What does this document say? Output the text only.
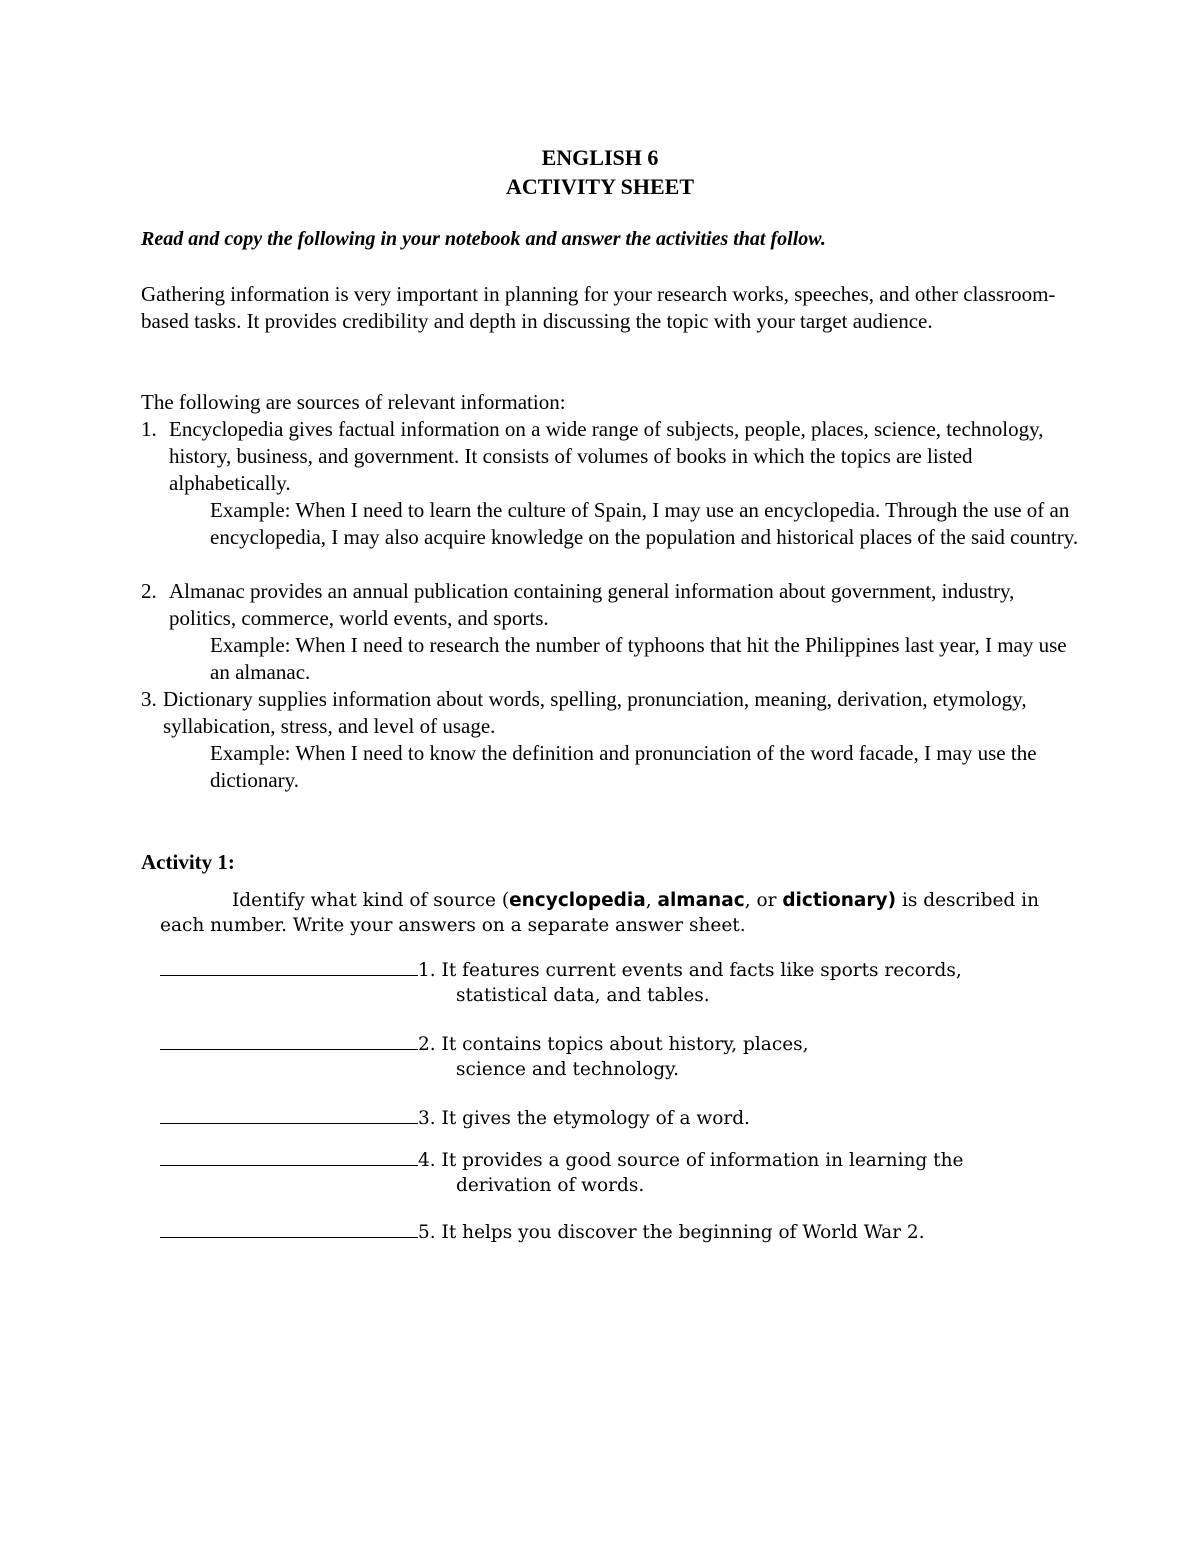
ENGLISH 6
ACTIVITY SHEET
Read and copy the following in your notebook and answer the activities that follow.
Gathering information is very important in planning for your research works, speeches, and other classroom-based tasks. It provides credibility and depth in discussing the topic with your target audience.
The following are sources of relevant information:
1. Encyclopedia gives factual information on a wide range of subjects, people, places, science, technology, history, business, and government. It consists of volumes of books in which the topics are listed alphabetically.
Example: When I need to learn the culture of Spain, I may use an encyclopedia. Through the use of an encyclopedia, I may also acquire knowledge on the population and historical places of the said country.
2. Almanac provides an annual publication containing general information about government, industry, politics, commerce, world events, and sports.
Example: When I need to research the number of typhoons that hit the Philippines last year, I may use an almanac.
3. Dictionary supplies information about words, spelling, pronunciation, meaning, derivation, etymology, syllabication, stress, and level of usage.
Example: When I need to know the definition and pronunciation of the word facade, I may use the dictionary.
Activity 1:
Identify what kind of source (encyclopedia, almanac, or dictionary) is described in each number. Write your answers on a separate answer sheet.
1. It features current events and facts like sports records,
statistical data, and tables.
2. It contains topics about history, places,
science and technology.
3. It gives the etymology of a word.
4. It provides a good source of information in learning the
derivation of words.
5. It helps you discover the beginning of World War 2.
